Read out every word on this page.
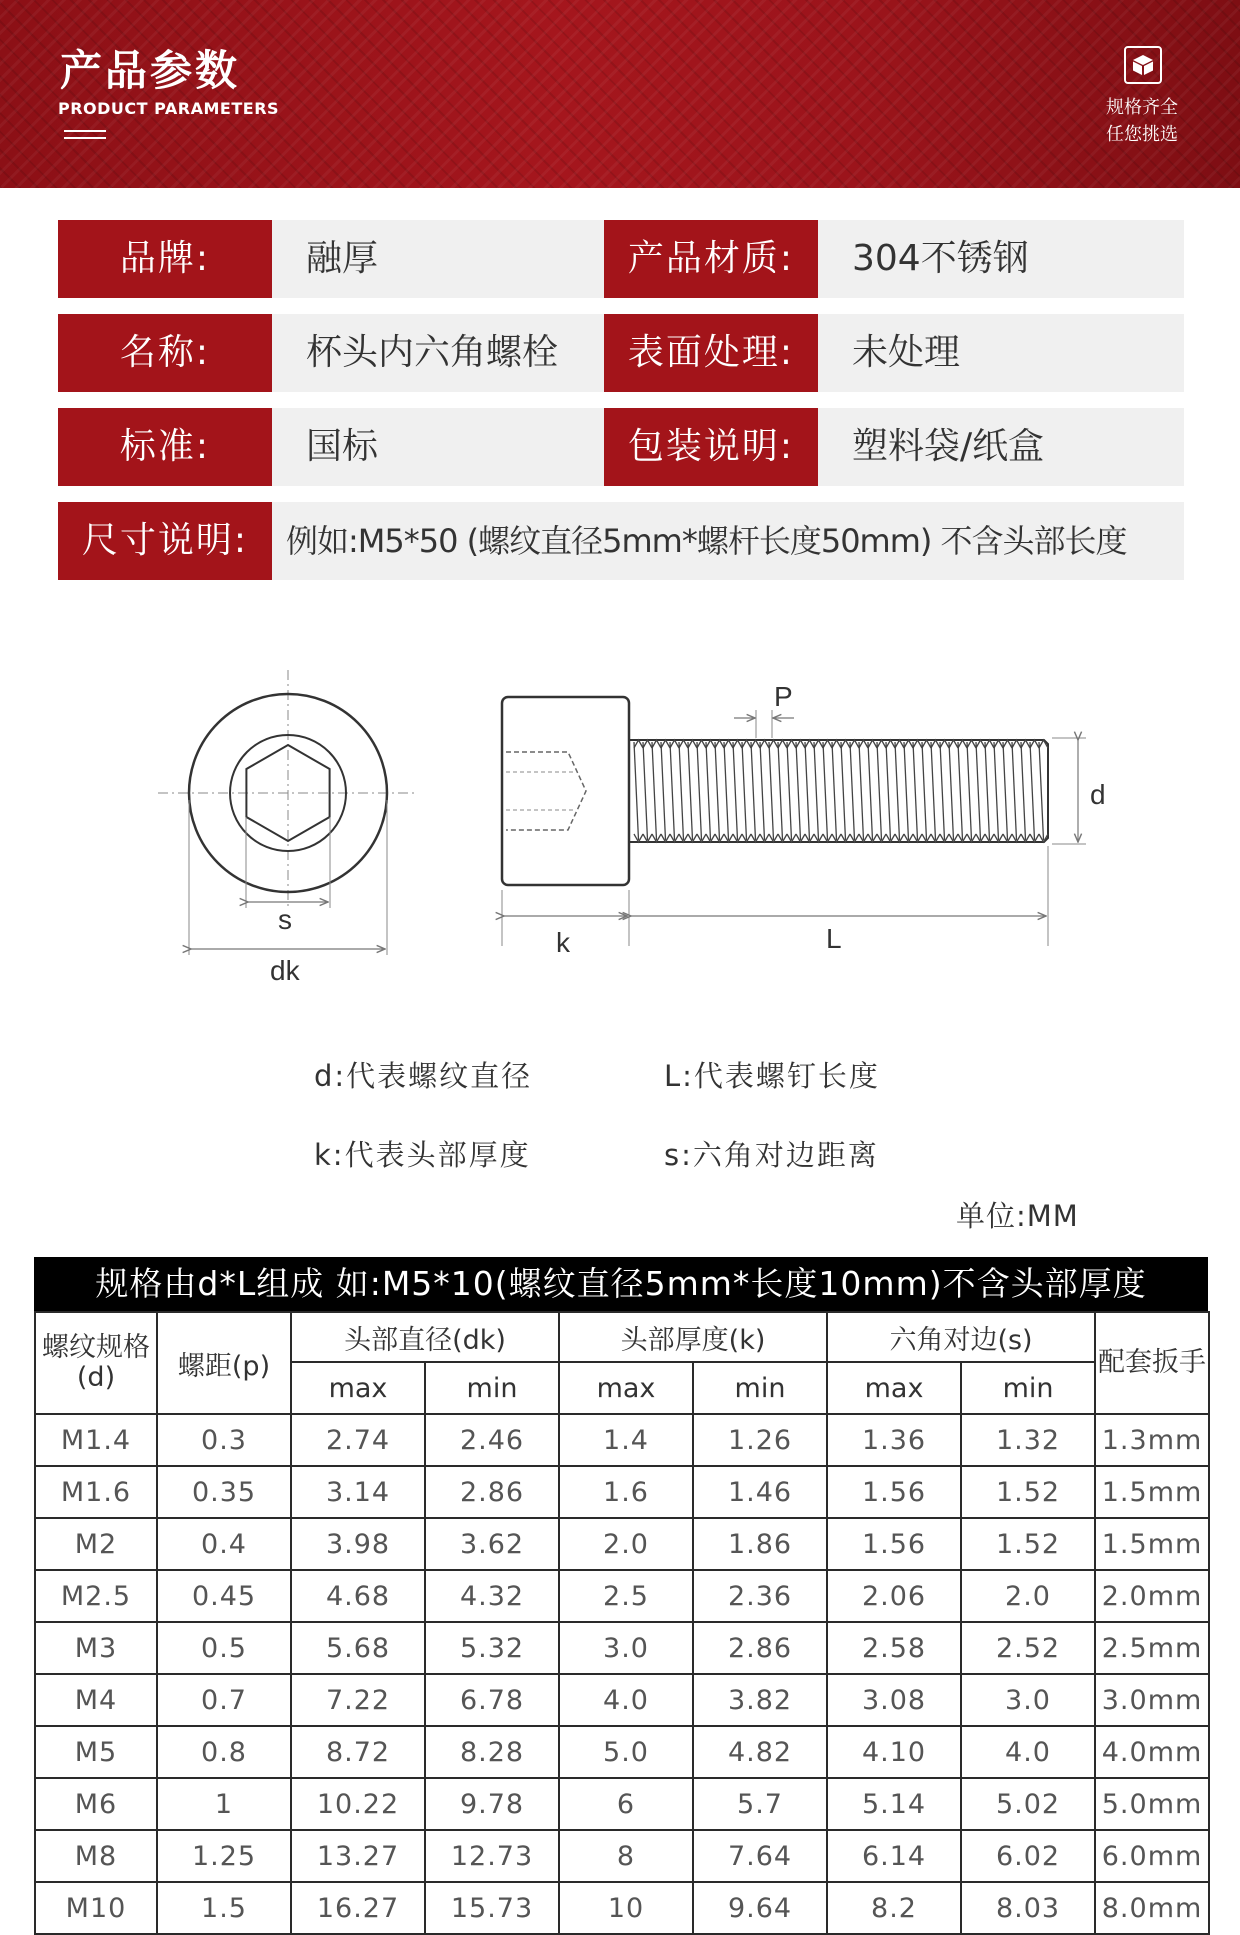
产品参数
PRODUCT PARAMETERS	规格齐全
任您挑选
品牌:	融厚	产品材质:	304不锈钢
名称:	杯头内六角螺栓	表面处理:	未处理
标准:	国标	包装说明:	塑料袋/纸盒
尺寸说明:	例如:M5*50 (螺纹直径5mm*螺杆长度50mm) 不含头部长度
s
dk
P
d
k	L
d:代表螺纹直径	L:代表螺钉长度
k:代表头部厚度	s:六角对边距离
单位:MM
规格由d*L组成 如:M5*10(螺纹直径5mm*长度10mm)不含头部厚度
螺纹规格(d)	螺距(p)	头部直径(dk)		头部厚度(k)		六角对边(s)		配套扳手
		max	min	max	min	max	min	
M1.4	0.3	2.74	2.46	1.4	1.26	1.36	1.32	1.3mm
M1.6	0.35	3.14	2.86	1.6	1.46	1.56	1.52	1.5mm
M2	0.4	3.98	3.62	2.0	1.86	1.56	1.52	1.5mm
M2.5	0.45	4.68	4.32	2.5	2.36	2.06	2.0	2.0mm
M3	0.5	5.68	5.32	3.0	2.86	2.58	2.52	2.5mm
M4	0.7	7.22	6.78	4.0	3.82	3.08	3.0	3.0mm
M5	0.8	8.72	8.28	5.0	4.82	4.10	4.0	4.0mm
M6	1	10.22	9.78	6	5.7	5.14	5.02	5.0mm
M8	1.25	13.27	12.73	8	7.64	6.14	6.02	6.0mm
M10	1.5	16.27	15.73	10	9.64	8.2	8.03	8.0mm
